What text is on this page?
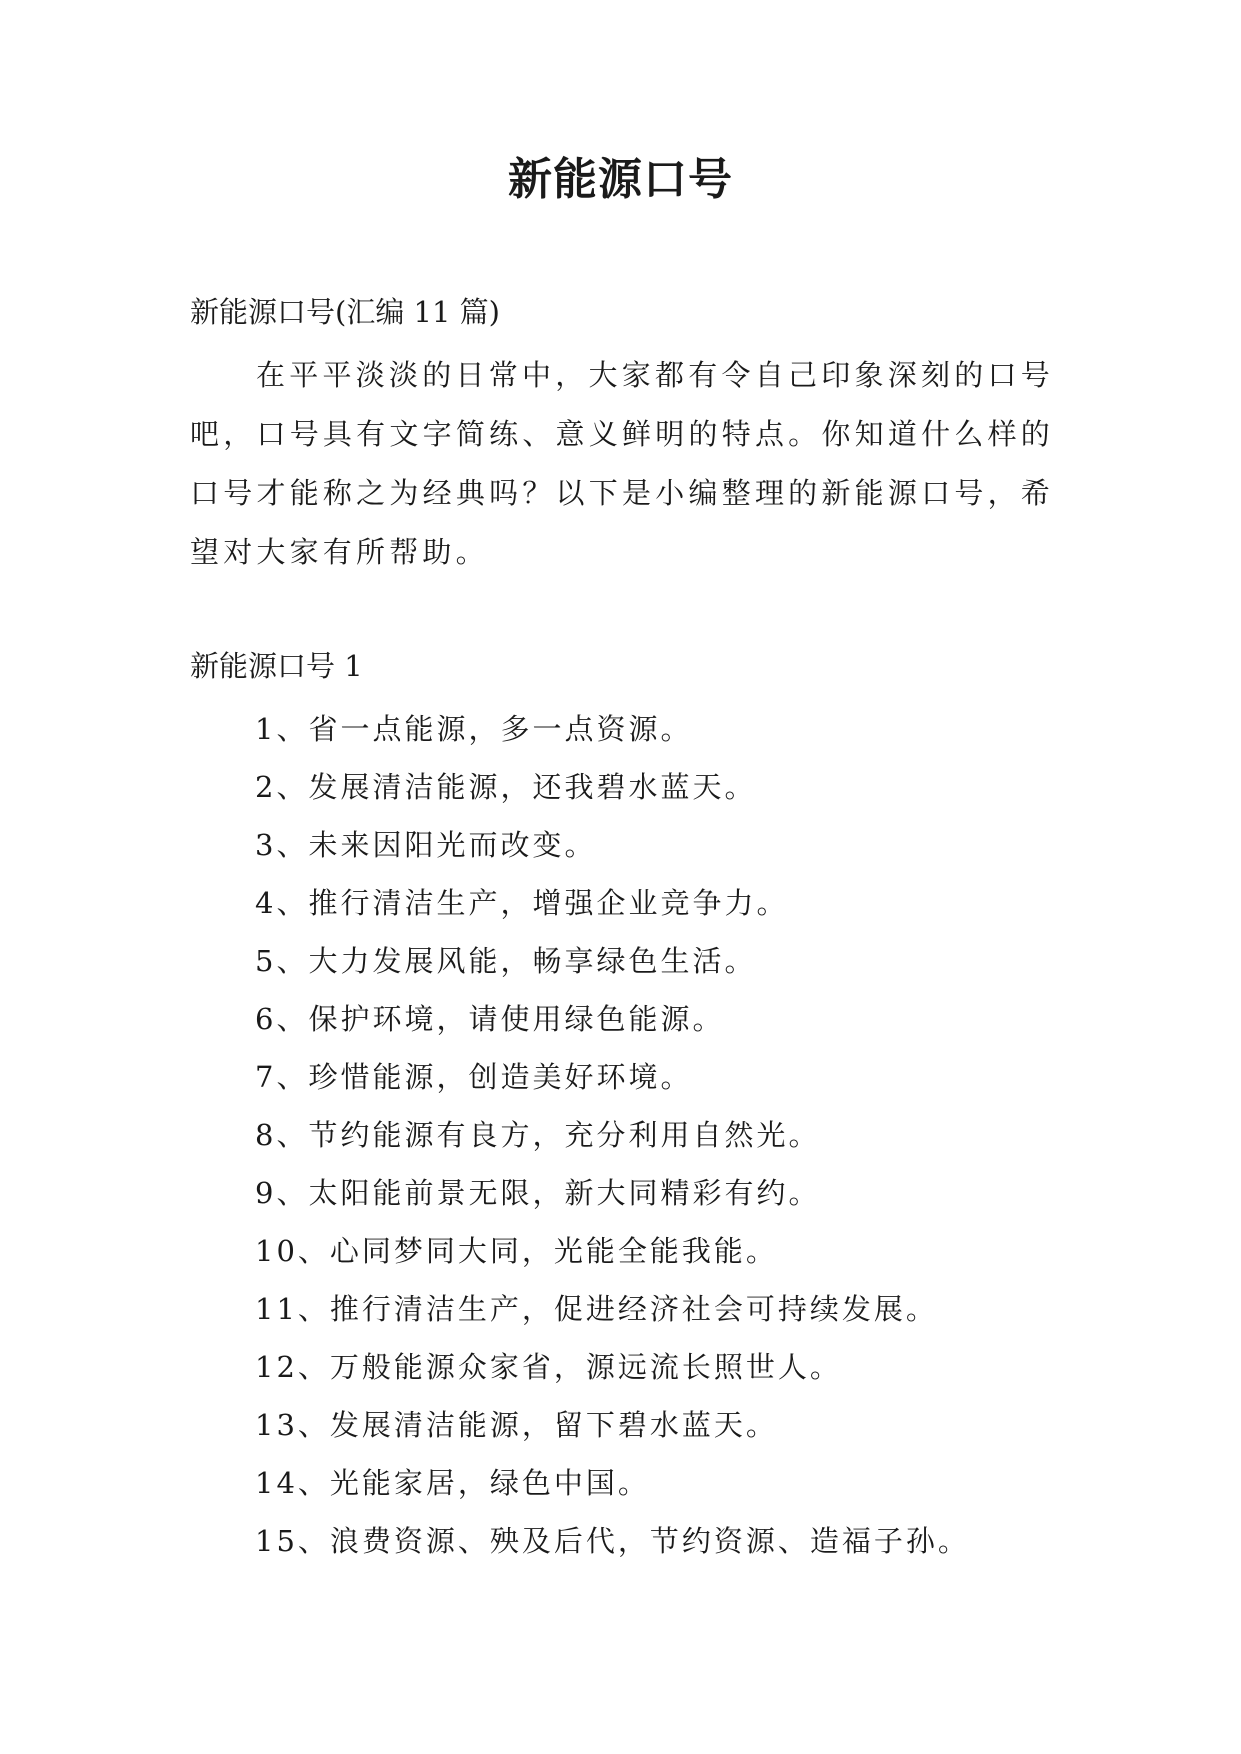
新能源口号

新能源口号(汇编 11 篇)

在平平淡淡的日常中，大家都有令自己印象深刻的口号吧，口号具有文字简练、意义鲜明的特点。你知道什么样的口号才能称之为经典吗？以下是小编整理的新能源口号，希望对大家有所帮助。

新能源口号 1

1、省一点能源，多一点资源。
2、发展清洁能源，还我碧水蓝天。
3、未来因阳光而改变。
4、推行清洁生产，增强企业竞争力。
5、大力发展风能，畅享绿色生活。
6、保护环境，请使用绿色能源。
7、珍惜能源，创造美好环境。
8、节约能源有良方，充分利用自然光。
9、太阳能前景无限，新大同精彩有约。
10、心同梦同大同，光能全能我能。
11、推行清洁生产，促进经济社会可持续发展。
12、万般能源众家省，源远流长照世人。
13、发展清洁能源，留下碧水蓝天。
14、光能家居，绿色中国。
15、浪费资源、殃及后代，节约资源、造福子孙。
